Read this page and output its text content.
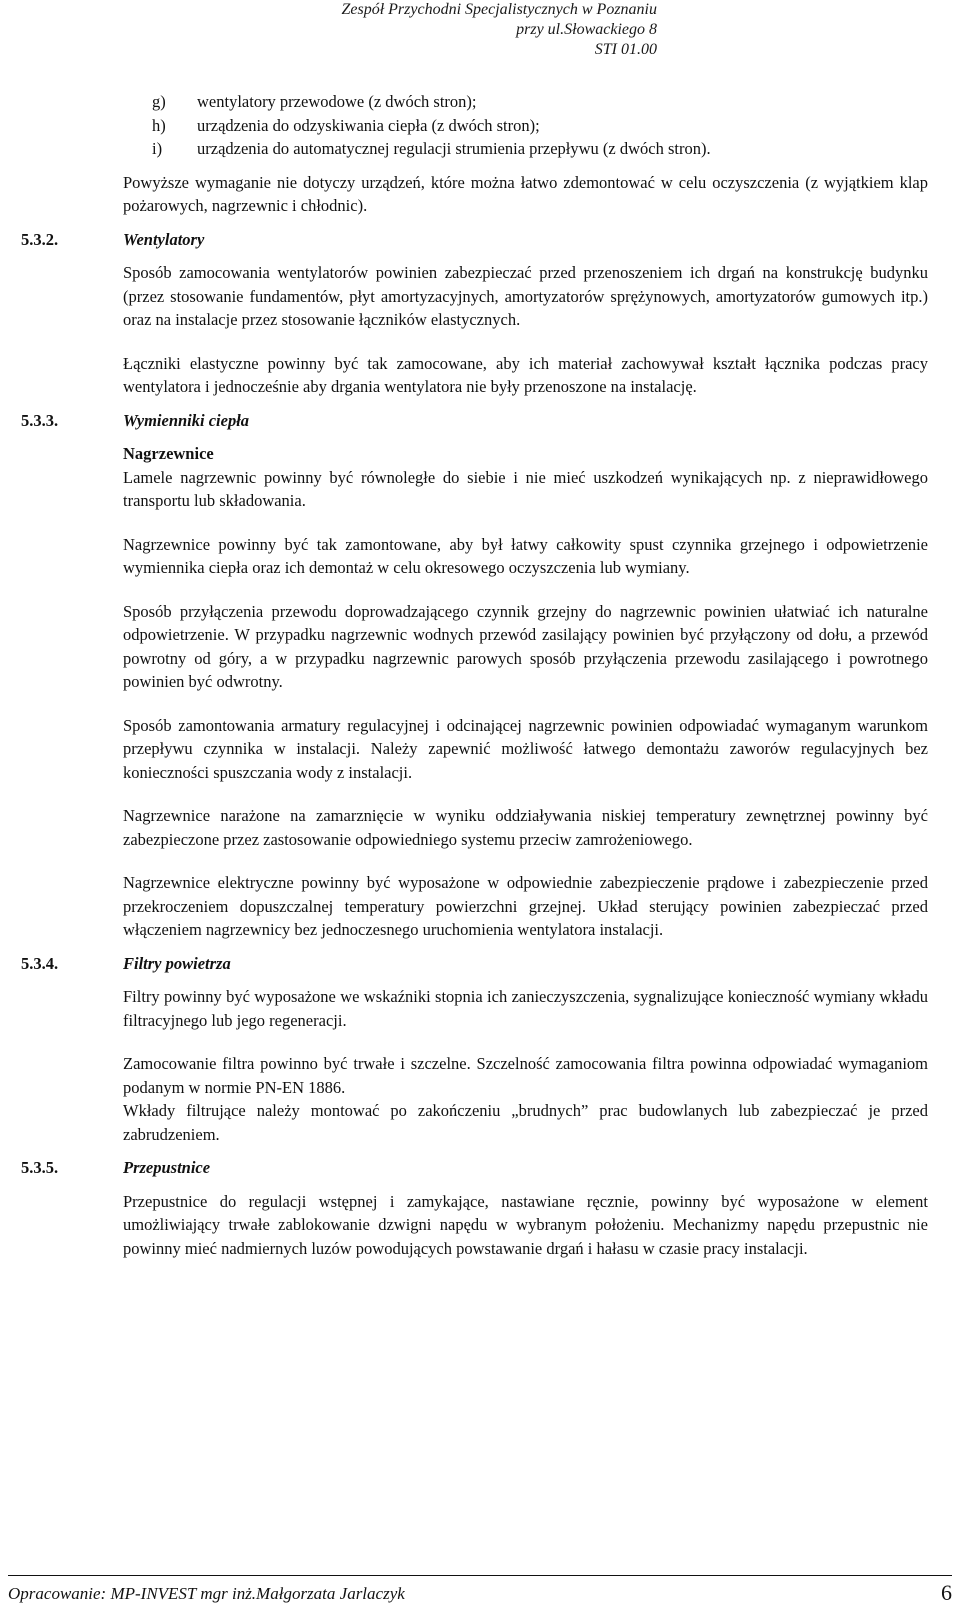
Zespół Przychodni Specjalistycznych w Poznaniu
przy ul.Słowackiego 8
STI 01.00
g)	wentylatory przewodowe (z dwóch stron);
h)	urządzenia do odzyskiwania ciepła (z dwóch stron);
i)	urządzenia do automatycznej regulacji strumienia przepływu (z dwóch stron).
Powyższe wymaganie nie dotyczy urządzeń, które można łatwo zdemontować w celu oczyszczenia (z wyjątkiem klap pożarowych, nagrzewnic i chłodnic).
5.3.2.	Wentylatory
Sposób zamocowania wentylatorów powinien zabezpieczać przed przenoszeniem ich drgań na konstrukcję budynku (przez stosowanie fundamentów, płyt amortyzacyjnych, amortyzatorów sprężynowych, amortyzatorów gumowych itp.) oraz na instalacje przez stosowanie łączników elastycznych.
Łączniki elastyczne powinny być tak zamocowane, aby ich materiał zachowywał kształt łącznika podczas pracy wentylatora i jednocześnie aby drgania wentylatora nie były przenoszone na instalację.
5.3.3.	Wymienniki ciepła
Nagrzewnice
Lamele nagrzewnic powinny być równoległe do siebie i nie mieć uszkodzeń wynikających np. z nieprawidłowego transportu lub składowania.
Nagrzewnice powinny być tak zamontowane, aby był łatwy całkowity spust czynnika grzejnego i odpowietrzenie wymiennika ciepła oraz ich demontaż w celu okresowego oczyszczenia lub wymiany.
Sposób przyłączenia przewodu doprowadzającego czynnik grzejny do nagrzewnic powinien ułatwiać ich naturalne odpowietrzenie. W przypadku nagrzewnic wodnych przewód zasilający powinien być przyłączony od dołu, a przewód powrotny od góry, a w przypadku nagrzewnic parowych sposób przyłączenia przewodu zasilającego i powrotnego powinien być odwrotny.
Sposób zamontowania armatury regulacyjnej i odcinającej nagrzewnic powinien odpowiadać wymaganym warunkom przepływu czynnika w instalacji. Należy zapewnić możliwość łatwego demontażu zaworów regulacyjnych bez konieczności spuszczania wody z instalacji.
Nagrzewnice narażone na zamarznięcie w wyniku oddziaływania niskiej temperatury zewnętrznej powinny być zabezpieczone przez zastosowanie odpowiedniego systemu przeciw zamrożeniowego.
Nagrzewnice elektryczne powinny być wyposażone w odpowiednie zabezpieczenie prądowe i zabezpieczenie przed przekroczeniem dopuszczalnej temperatury powierzchni grzejnej. Układ sterujący powinien zabezpieczać przed włączeniem nagrzewnicy bez jednoczesnego uruchomienia wentylatora instalacji.
5.3.4.	Filtry powietrza
Filtry powinny być wyposażone we wskaźniki stopnia ich zanieczyszczenia, sygnalizujące konieczność wymiany wkładu filtracyjnego lub jego regeneracji.
Zamocowanie filtra powinno być trwałe i szczelne. Szczelność zamocowania filtra powinna odpowiadać wymaganiom podanym w normie PN-EN 1886.
Wkłady filtrujące należy montować po zakończeniu „brudnych” prac budowlanych lub zabezpieczać je przed zabrudzeniem.
5.3.5.	Przepustnice
Przepustnice do regulacji wstępnej i zamykające, nastawiane ręcznie, powinny być wyposażone w element umożliwiający trwałe zablokowanie dzwigni napędu w wybranym położeniu. Mechanizmy napędu przepustnic nie powinny mieć nadmiernych luzów powodujących powstawanie drgań i hałasu w czasie pracy instalacji.
Opracowanie: MP-INVEST mgr inż.Małgorzata Jarlaczyk	6
